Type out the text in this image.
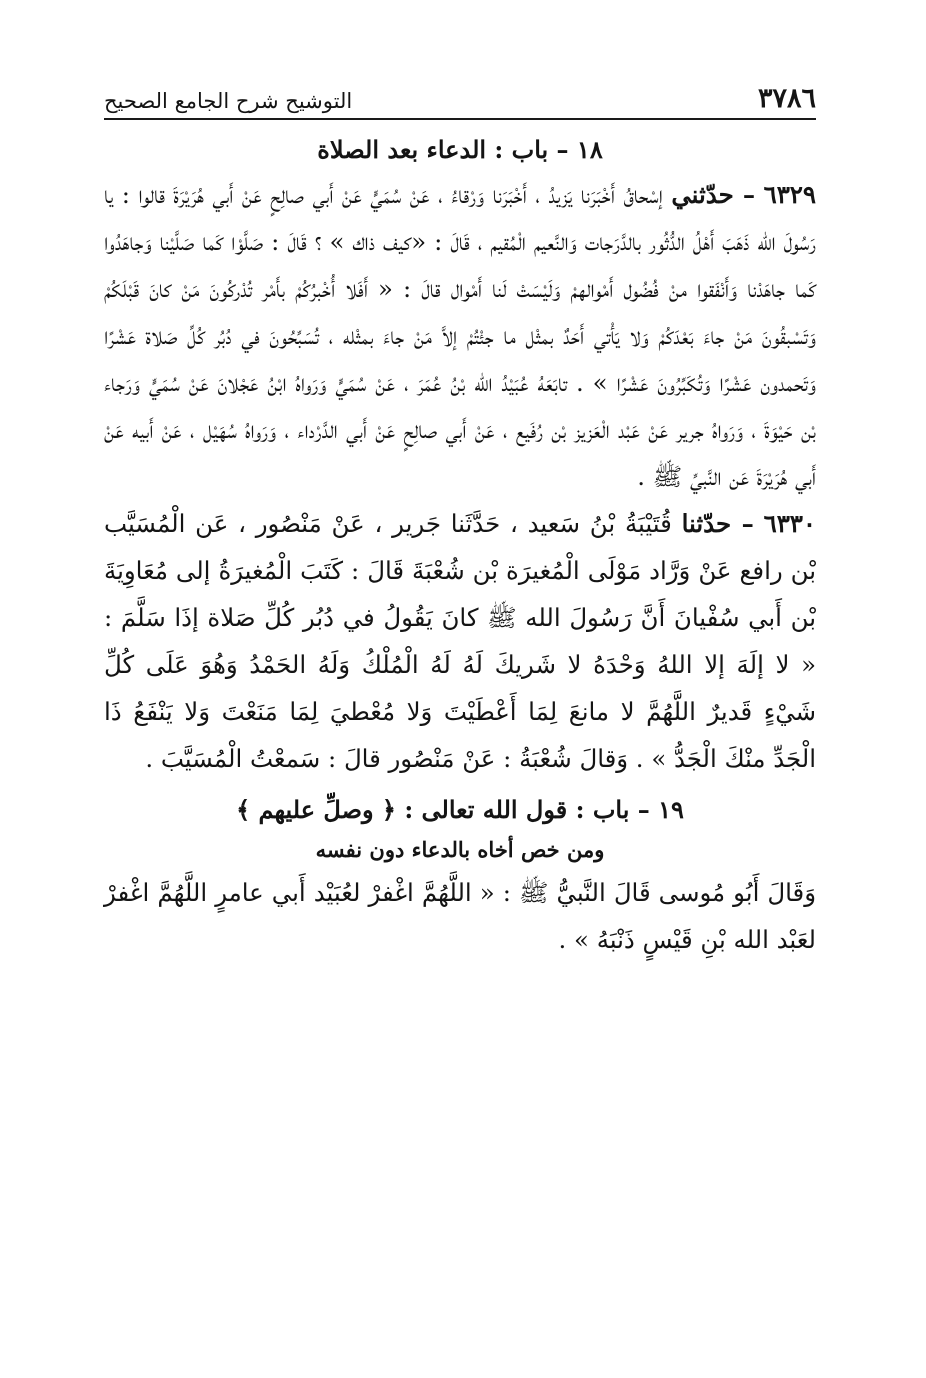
٣٧٨٦
التوشيح شرح الجامع الصحيح
١٨ – باب : الدعاء بعد الصلاة

٦٣٢٩ – حدّثني إسْحاقُ أَخْبَرَنا يَزيدُ ، أَخْبَرَنا وَرْقاءُ ، عَنْ سُمَيٍّ عَنْ أَبي صالِحٍ عَنْ أَبي هُرَيْرَةَ قالوا : يا رَسُولَ الله ذَهَبَ أَهْلُ الدُّثُور بالدَّرَجات وَالنَّعيم الْمُقيم ، قَالَ : «كيف ذاك » ؟ قَالَ : صَلَّوْا كَما صَلَّيْنا وَجاهَدُوا كَما جاهَدْنا وَأَنْفَقوا منْ فُضُول أَمْوالهمْ وَلَيْسَتْ لَنا أَمْوال قالَ : « أَفَلا أُخْبرُكُمْ بأَمْر تُدْركُونَ مَنْ كانَ قَبْلَكُمْ وَتَسْبقُونَ مَنْ جاءَ بَعْدَكُمْ وَلا يَأْتي أَحَدٌ بمثْل ما جئْتُمْ إلاَّ مَنْ جاءَ بمثْله ، تُسَبِّحُونَ في دُبُر كُلِّ صَلاة عَشْرًا وَتَحمدون عَشْرًا وَتُكَبِّرُونَ عَشْرًا » . تابَعَهُ عُبَيْدُ الله بْنُ عُمَرَ ، عَنْ سُمَيٍّ وَرَواهُ ابْنُ عَجْلانَ عَنْ سُمَيٍّ وَرَجاء بْن حَيْوَةَ ، وَرَواهُ جرير عَنْ عَبْد الْعَزيز بْن رُفَيع ، عَنْ أَبي صالِحٍ عَنْ أَبي الدَّرْداء ، وَرَواهُ سُهَيْل ، عَنْ أَبيه عَنْ أَبي هُرَيْرَةَ عَن النَّبيِّ ﷺ .

٦٣٣٠ – حدّثنا قُتَيْبَةُ بْنُ سَعيد ، حَدَّثَنا جَرير ، عَنْ مَنْصُور ، عَن الْمُسَيَّب بْن رافع عَنْ وَرَّاد مَوْلَى الْمُغيرَة بْن شُعْبَةَ قَالَ : كَتَبَ الْمُغيرَةُ إلى مُعَاوِيَةَ بْن أَبي سُفْيانَ أَنَّ رَسُولَ الله ﷺ كانَ يَقُولُ في دُبُر كُلِّ صَلاة إذَا سَلَّمَ : « لا إلَهَ إلا اللهُ وَحْدَهُ لا شَريكَ لَهُ لَهُ الْمُلْكُ وَلَهُ الحَمْدُ وَهُوَ عَلَى كُلِّ شَيْءٍ قَديرٌ اللَّهُمَّ لا مانعَ لِمَا أَعْطَيْتَ وَلا مُعْطيَ لِمَا مَنَعْتَ وَلا يَنْفَعُ ذَا الْجَدِّ منْكَ الْجَدُّ » . وَقالَ شُعْبَةُ : عَنْ مَنْصُور قالَ : سَمعْتُ الْمُسَيَّبَ .

١٩ – باب : قول الله تعالى : ﴿ وصلِّ عليهم ﴾
ومن خص أخاه بالدعاء دون نفسه

وَقَالَ أَبُو مُوسى قَالَ النَّبيُّ ﷺ : « اللَّهُمَّ اغْفرْ لعُبَيْد أَبي عامرٍ اللَّهُمَّ اغْفرْ لعَبْد الله بْنِ قَيْسٍ ذَنْبَهُ » .
